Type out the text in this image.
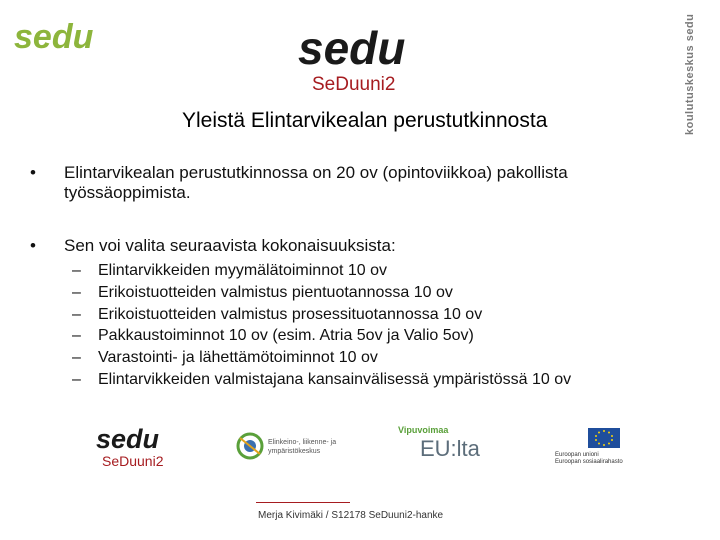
sedu	sedu
SeDuuni2	koulutuskeskus sedu
Yleistä Elintarvikealan perustutkinnosta
• Elintarvikealan perustutkinnossa on 20 ov (opintoviikkoa) pakollista
työssäoppimista.
• Sen voi valita seuraavista kokonaisuuksista:
– Elintarvikkeiden myymälätoiminnot 10 ov
– Erikoistuotteiden valmistus pientuotannossa 10 ov
– Erikoistuotteiden valmistus prosessituotannossa 10 ov
– Pakkaustoiminnot 10 ov (esim. Atria 5ov ja Valio 5ov)
– Varastointi- ja lähettämötoiminnot 10 ov
– Elintarvikkeiden valmistajana kansainvälisessä ympäristössä 10 ov
sedu
SeDuuni2
Elinkeino-, liikenne- ja
ympäristökeskus
Vipuvoimaa
EU:lta	Euroopan unioni
Euroopan sosiaalirahasto
Merja Kivimäki / S12178 SeDuuni2-hanke
